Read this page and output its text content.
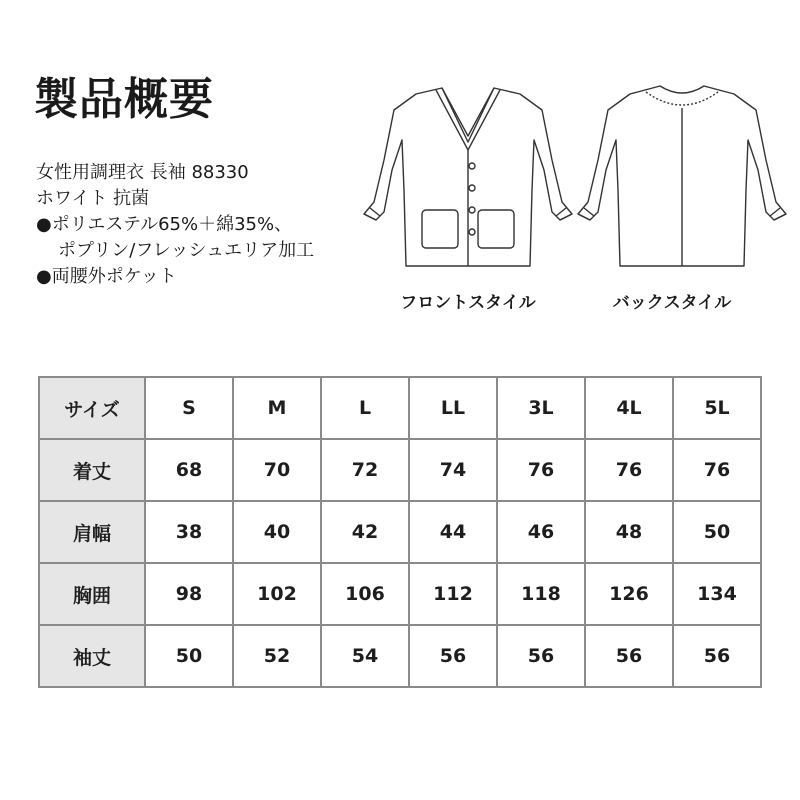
製品概要
女性用調理衣 長袖 88330
ホワイト 抗菌
●ポリエステル65%＋綿35%、
ポプリン/フレッシュエリア加工
●両腰外ポケット
フロントスタイル	バックスタイル
サイズ	S	M	L	LL	3L	4L	5L
着丈	68	70	72	74	76	76	76
肩幅	38	40	42	44	46	48	50
胸囲	98	102	106	112	118	126	134
袖丈	50	52	54	56	56	56	56
